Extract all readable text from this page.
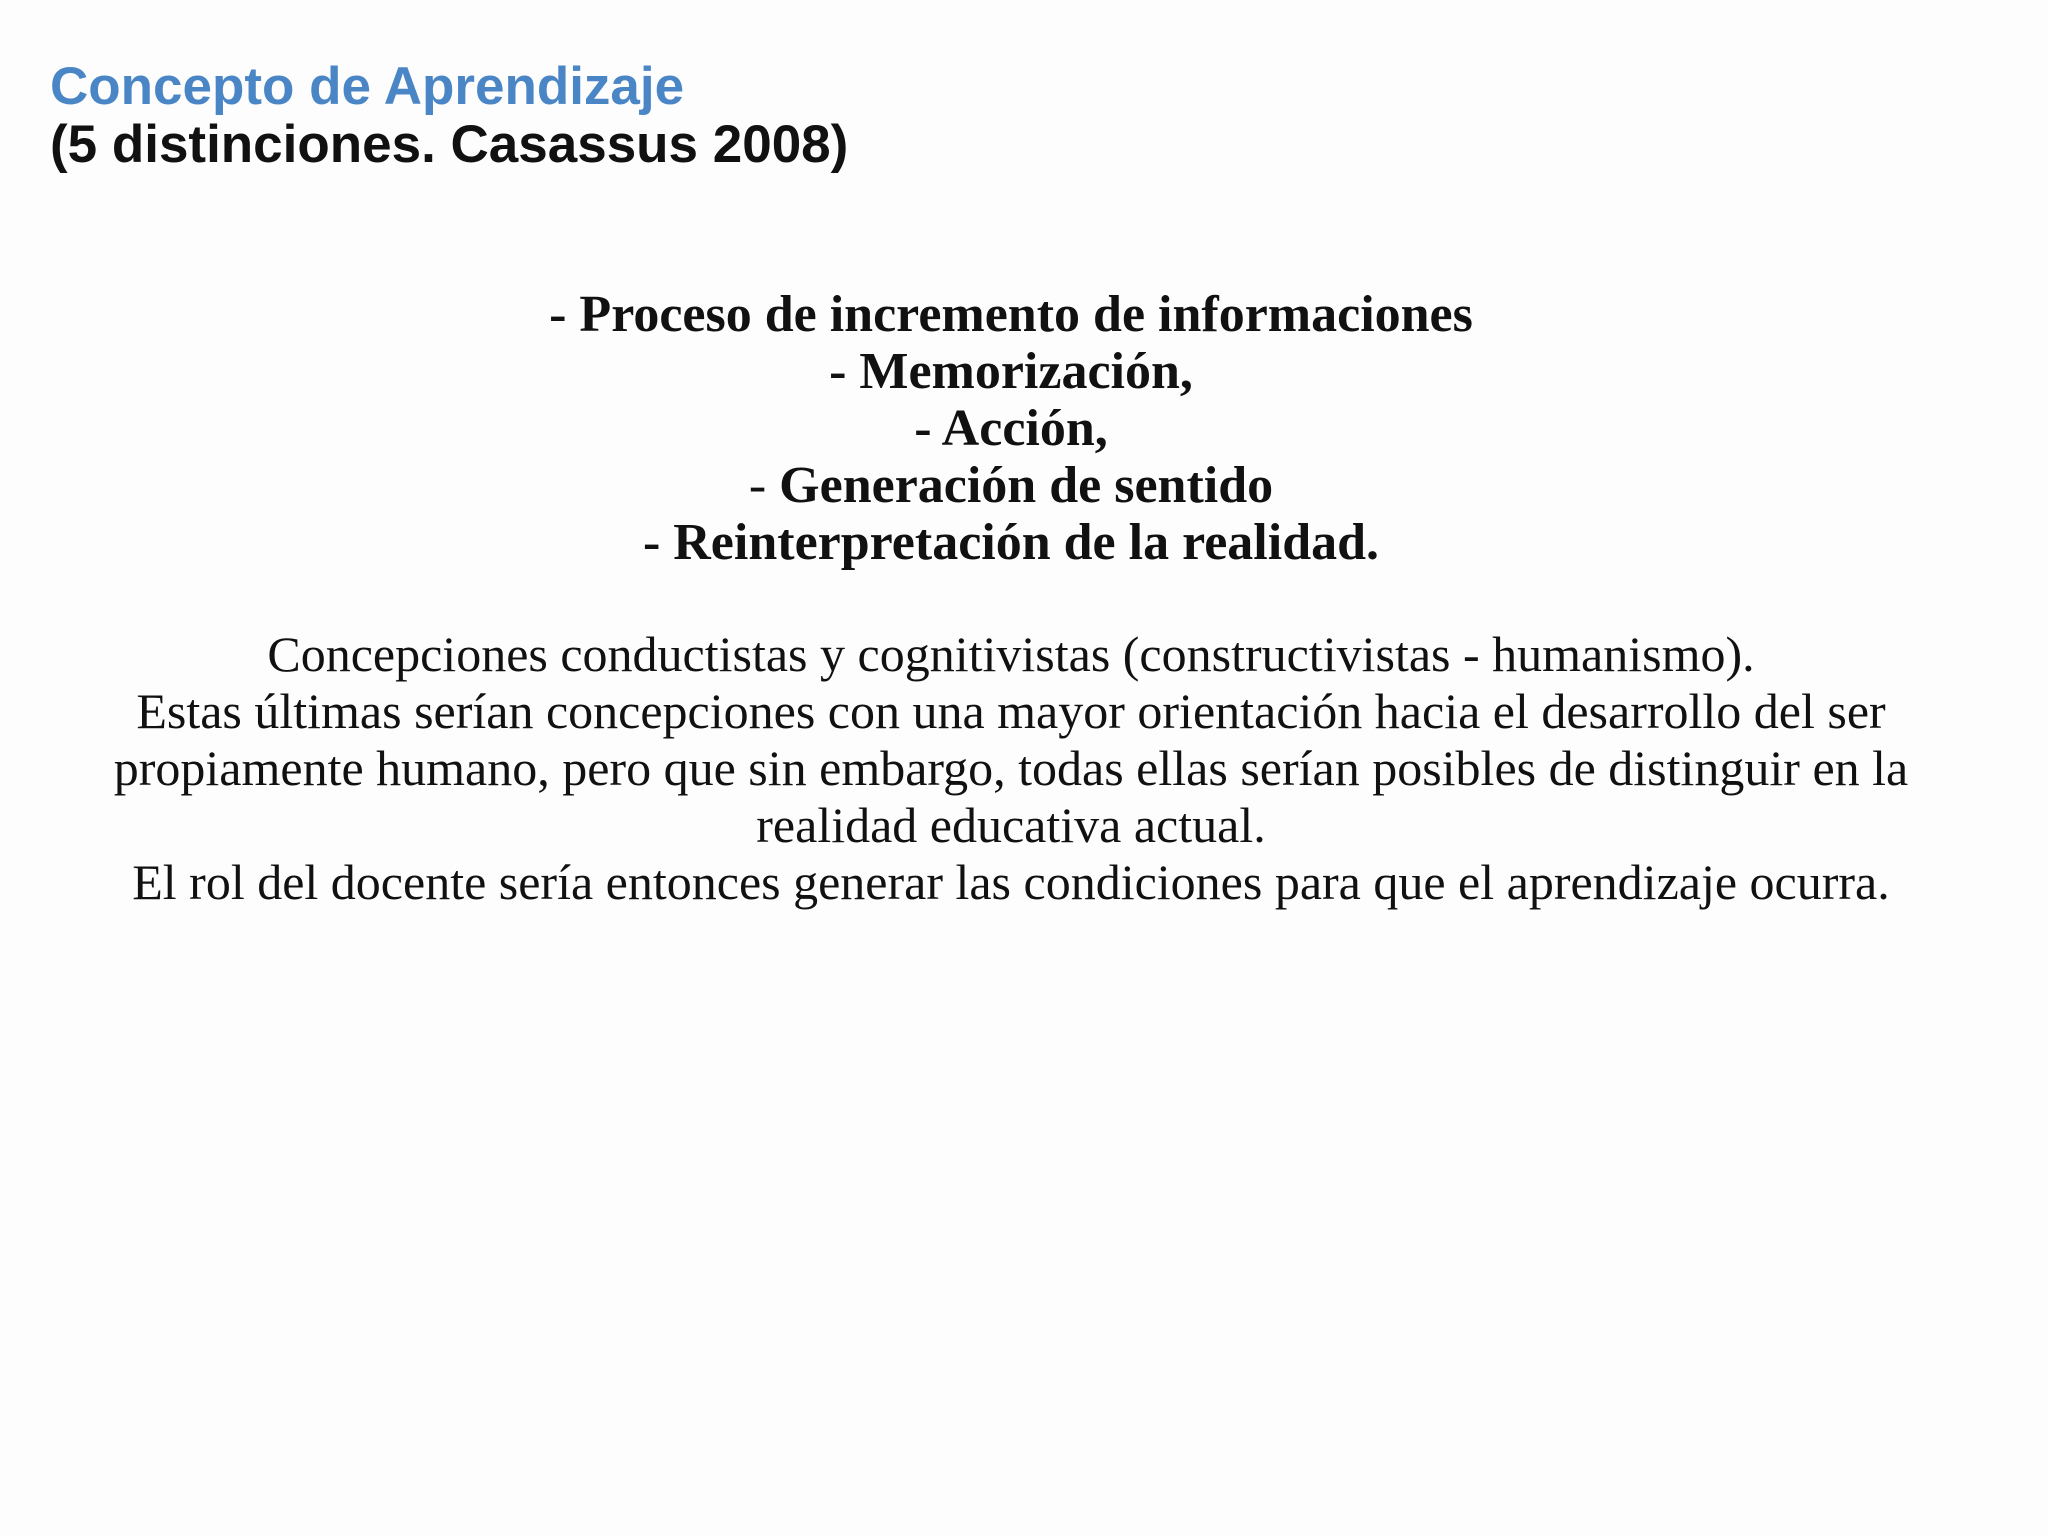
Concepto de Aprendizaje
(5 distinciones. Casassus 2008)
- Proceso de incremento de informaciones
- Memorización,
- Acción,
- Generación de sentido
- Reinterpretación de la realidad.
Concepciones conductistas y cognitivistas (constructivistas - humanismo).
Estas últimas serían concepciones con una mayor orientación hacia el desarrollo del ser
propiamente humano, pero que sin embargo, todas ellas serían posibles de distinguir en la
realidad educativa actual.
El rol del docente sería entonces generar las condiciones para que el aprendizaje ocurra.
